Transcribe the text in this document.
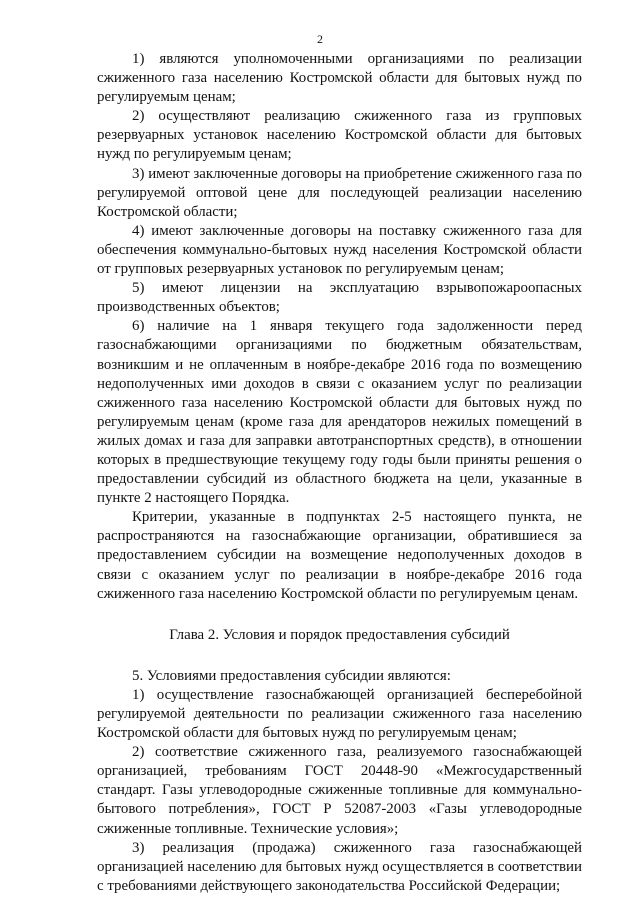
2

1) являются уполномоченными организациями по реализации сжиженного газа населению Костромской области для бытовых нужд по регулируемым ценам;

2) осуществляют реализацию сжиженного газа из групповых резервуарных установок населению Костромской области для бытовых нужд по регулируемым ценам;

3) имеют заключенные договоры на приобретение сжиженного газа по регулируемой оптовой цене для последующей реализации населению Костромской области;

4) имеют заключенные договоры на поставку сжиженного газа для обеспечения коммунально-бытовых нужд населения Костромской области от групповых резервуарных установок по регулируемым ценам;

5) имеют лицензии на эксплуатацию взрывопожароопасных производственных объектов;

6) наличие на 1 января текущего года задолженности перед газоснабжающими организациями по бюджетным обязательствам, возникшим и не оплаченным в ноябре-декабре 2016 года по возмещению недополученных ими доходов в связи с оказанием услуг по реализации сжиженного газа населению Костромской области для бытовых нужд по регулируемым ценам (кроме газа для арендаторов нежилых помещений в жилых домах и газа для заправки автотранспортных средств), в отношении которых в предшествующие текущему году годы были приняты решения о предоставлении субсидий из областного бюджета на цели, указанные в пункте 2 настоящего Порядка.

Критерии, указанные в подпунктах 2-5 настоящего пункта, не распространяются на газоснабжающие организации, обратившиеся за предоставлением субсидии на возмещение недополученных доходов в связи с оказанием услуг по реализации в ноябре-декабре 2016 года сжиженного газа населению Костромской области по регулируемым ценам.

Глава 2. Условия и порядок предоставления субсидий

5. Условиями предоставления субсидии являются:

1) осуществление газоснабжающей организацией бесперебойной регулируемой деятельности по реализации сжиженного газа населению Костромской области для бытовых нужд по регулируемым ценам;

2) соответствие сжиженного газа, реализуемого газоснабжающей организацией, требованиям ГОСТ 20448-90 «Межгосударственный стандарт. Газы углеводородные сжиженные топливные для коммунально-бытового потребления», ГОСТ Р 52087-2003 «Газы углеводородные сжиженные топливные. Технические условия»;

3) реализация (продажа) сжиженного газа газоснабжающей организацией населению для бытовых нужд осуществляется в соответствии с требованиями действующего законодательства Российской Федерации;
